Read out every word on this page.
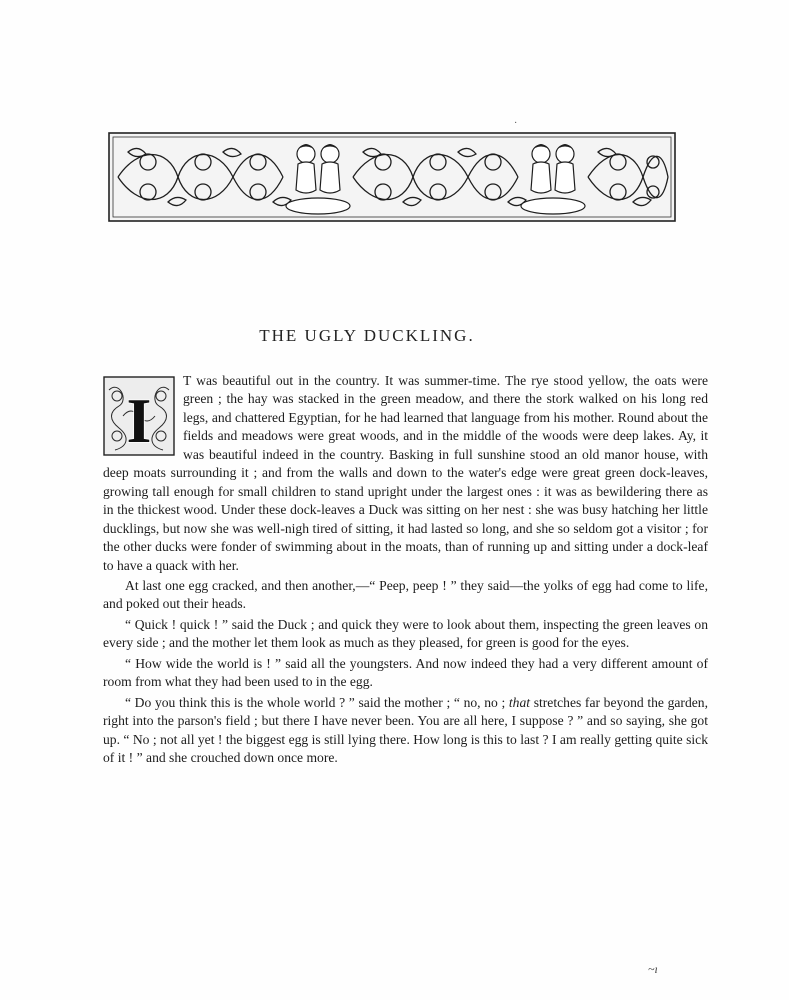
·
THE UGLY DUCKLING.
I

T was beautiful out in the country. It was summer-time. The rye stood yellow, the oats were green ; the hay was stacked in the green meadow, and there the stork walked on his long red legs, and chattered Egyptian, for he had learned that language from his mother. Round about the fields and meadows were great woods, and in the middle of the woods were deep lakes. Ay, it was beautiful indeed in the country. Basking in full sunshine stood an old manor house, with deep moats surrounding it ; and from the walls and down to the water's edge were great green dock-leaves, growing tall enough for small children to stand upright under the largest ones : it was as bewildering there as in the thickest wood. Under these dock-leaves a Duck was sitting on her nest : she was busy hatching her little ducklings, but now she was well-nigh tired of sitting, it had lasted so long, and she so seldom got a visitor ; for the other ducks were fonder of swimming about in the moats, than of running up and sitting under a dock-leaf to have a quack with her.

At last one egg cracked, and then another,—“ Peep, peep ! ” they said—the yolks of egg had come to life, and poked out their heads.

“ Quick ! quick ! ” said the Duck ; and quick they were to look about them, inspecting the green leaves on every side ; and the mother let them look as much as they pleased, for green is good for the eyes.

“ How wide the world is ! ” said all the youngsters. And now indeed they had a very different amount of room from what they had been used to in the egg.

“ Do you think this is the whole world ? ” said the mother ; “ no, no ; that stretches far beyond the garden, right into the parson's field ; but there I have never been. You are all here, I suppose ? ” and so saying, she got up. “ No ; not all yet ! the biggest egg is still lying there. How long is this to last ? I am really getting quite sick of it ! ” and she crouched down once more.

~ı
